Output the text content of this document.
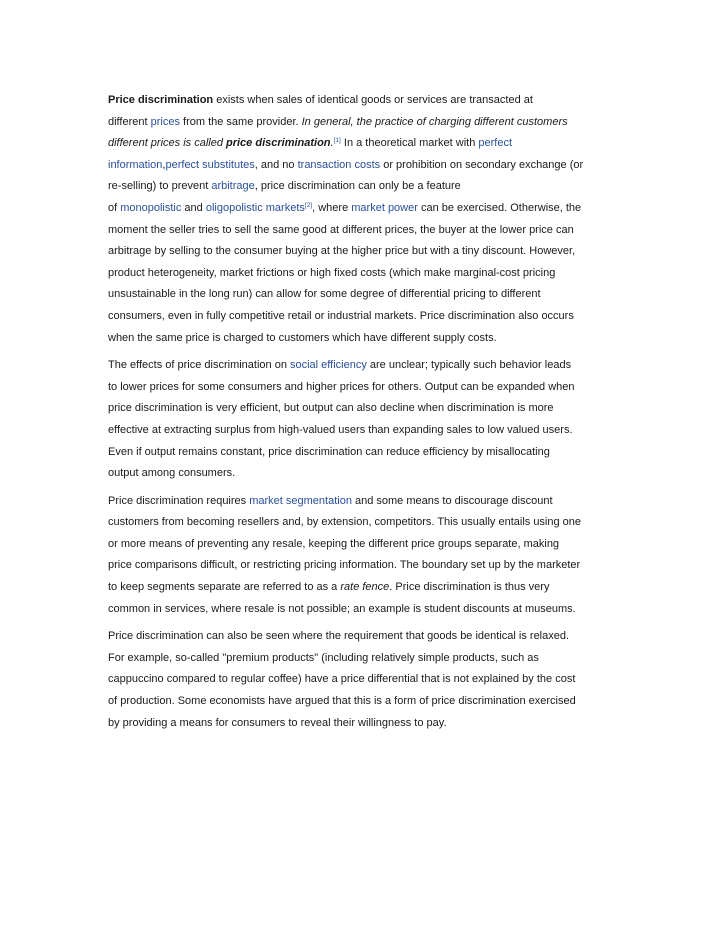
Price discrimination exists when sales of identical goods or services are transacted at
different prices from the same provider. In general, the practice of charging different customers
different prices is called price discrimination.[1] In a theoretical market with perfect
information,perfect substitutes, and no transaction costs or prohibition on secondary exchange (or
re-selling) to prevent arbitrage, price discrimination can only be a feature
of monopolistic and oligopolistic markets[2], where market power can be exercised. Otherwise, the
moment the seller tries to sell the same good at different prices, the buyer at the lower price can
arbitrage by selling to the consumer buying at the higher price but with a tiny discount. However,
product heterogeneity, market frictions or high fixed costs (which make marginal-cost pricing
unsustainable in the long run) can allow for some degree of differential pricing to different
consumers, even in fully competitive retail or industrial markets. Price discrimination also occurs
when the same price is charged to customers which have different supply costs.

The effects of price discrimination on social efficiency are unclear; typically such behavior leads
to lower prices for some consumers and higher prices for others. Output can be expanded when
price discrimination is very efficient, but output can also decline when discrimination is more
effective at extracting surplus from high-valued users than expanding sales to low valued users.
Even if output remains constant, price discrimination can reduce efficiency by misallocating
output among consumers.

Price discrimination requires market segmentation and some means to discourage discount
customers from becoming resellers and, by extension, competitors. This usually entails using one
or more means of preventing any resale, keeping the different price groups separate, making
price comparisons difficult, or restricting pricing information. The boundary set up by the marketer
to keep segments separate are referred to as a rate fence. Price discrimination is thus very
common in services, where resale is not possible; an example is student discounts at museums.

Price discrimination can also be seen where the requirement that goods be identical is relaxed.
For example, so-called "premium products" (including relatively simple products, such as
cappuccino compared to regular coffee) have a price differential that is not explained by the cost
of production. Some economists have argued that this is a form of price discrimination exercised
by providing a means for consumers to reveal their willingness to pay.
